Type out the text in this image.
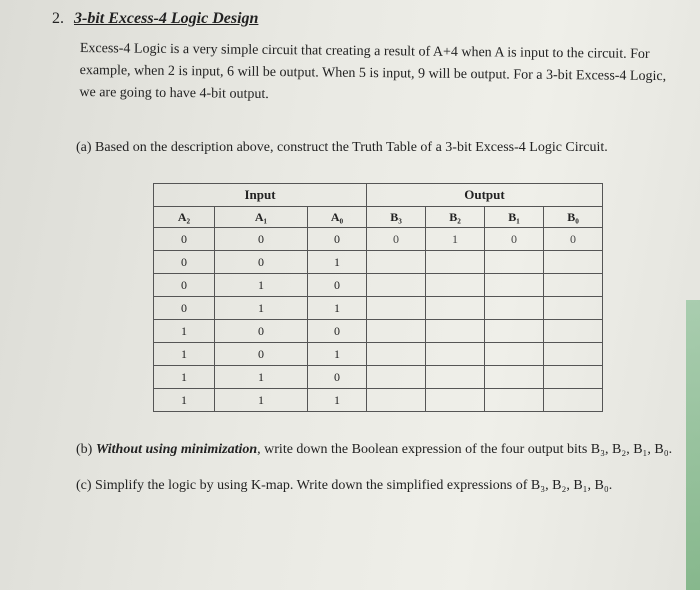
2. 3-bit Excess-4 Logic Design
Excess-4 Logic is a very simple circuit that creating a result of A+4 when A is input to the circuit. For
example, when 2 is input, 6 will be output. When 5 is input, 9 will be output. For a 3-bit Excess-4 Logic,
we are going to have 4-bit output.
(a) Based on the description above, construct the Truth Table of a 3-bit Excess-4 Logic Circuit.
Input			Output			
A₂	A₁	A₀	B₃	B₂	B₁	B₀
0	0	0	0	1	0	0
0	0	1				
0	1	0				
0	1	1				
1	0	0				
1	0	1				
1	1	0				
1	1	1				
(b) Without using minimization, write down the Boolean expression of the four output bits B₃, B₂, B₁, B₀.
(c) Simplify the logic by using K-map. Write down the simplified expressions of B₃, B₂, B₁, B₀.
